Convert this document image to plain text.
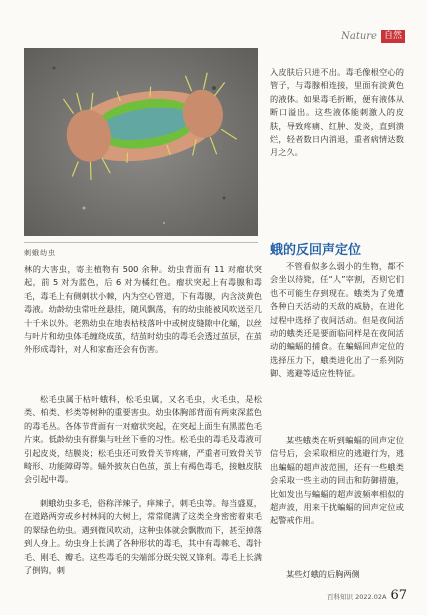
Nature 自然
刺蛾幼虫

入皮肤后只进不出。毒毛像根空心的管子，与毒腺相连接，里面有淡黄色的液体。如果毒毛折断，便有液体从断口溢出。这些液体能刺激人的皮肤，导致疼痛、红肿、发炎，直到溃烂，轻者数日内消退，重者病情达数月之久。

蛾的反回声定位

不管看似多么弱小的生物，都不会坐以待毙，任“人”宰割，否则它们也不可能生存到现在。蛾类为了免遭各种白天活动的天敌的威胁，在进化过程中选择了夜间活动。但是夜间活动的蛾类还是要面临同样是在夜间活动的蝙蝠的捕食。在蝙蝠回声定位的选择压力下，蛾类进化出了一系列防御、逃避等适应性特征。

某些蛾类在听到蝙蝠的回声定位信号后，会采取相应的逃避行为，逃出蝙蝠的超声波范围，还有一些蛾类会采取一些主动的回击和防御措施，比如发出与蝙蝠的超声波频率相似的超声波，用来干扰蝙蝠的回声定位或起警戒作用。

某些灯蛾的后胸两侧

林的大害虫，寄主植物有 500 余种。幼虫背面有 11 对瘤状突起，前 5 对为蓝色，后 6 对为橘红色。瘤状突起上有毒腺和毒毛，毒毛上有侧刺状小棘，内为空心管道，下有毒腺，内含淡黄色毒液。幼龄幼虫常吐丝悬挂，随风飘荡，有的幼虫能被风吹送至几十千米以外。老熟幼虫在地表枯枝落叶中或树皮缝隙中化蛹，以丝与叶片和幼虫体毛缠绕成茧，结茧时幼虫的毒毛会透过茧层，在茧外形成毒针，对人和家畜还会有伤害。

松毛虫属于枯叶蛾科，松毛虫属，又名毛虫，火毛虫，是松类、柏类、杉类等树种的重要害虫。幼虫体胸部背面有两束深蓝色的毒毛丛。各体节背面有一对瘤状突起，在突起上面生有黑蓝色毛片束。低龄幼虫有群集与吐丝下垂的习性。松毛虫的毒毛及毒液可引起皮炎，结膜炎；松毛虫还可致骨关节疼痛，严重者可致骨关节畸形、功能障碍等。蛹外披灰白色茧，茧上有褐色毒毛，接触皮肤会引起中毒。

刺蛾幼虫多毛，俗称洋辣子，痒辣子，刺毛虫等。每当盛夏，在道路两旁或乡村林间的大树上，常常爬满了这类全身密密着束毛的翠绿色幼虫。遇到微风吹动，这种虫体就会飘散而下，甚至掉落到人身上。幼虫身上长满了各种形状的毒毛，其中有毒棘毛、毒针毛、刚毛、瓣毛。这些毒毛的尖端部分既尖锐又锋利。毒毛上长满了倒钩，刺

百科知识 2022.02A 67
